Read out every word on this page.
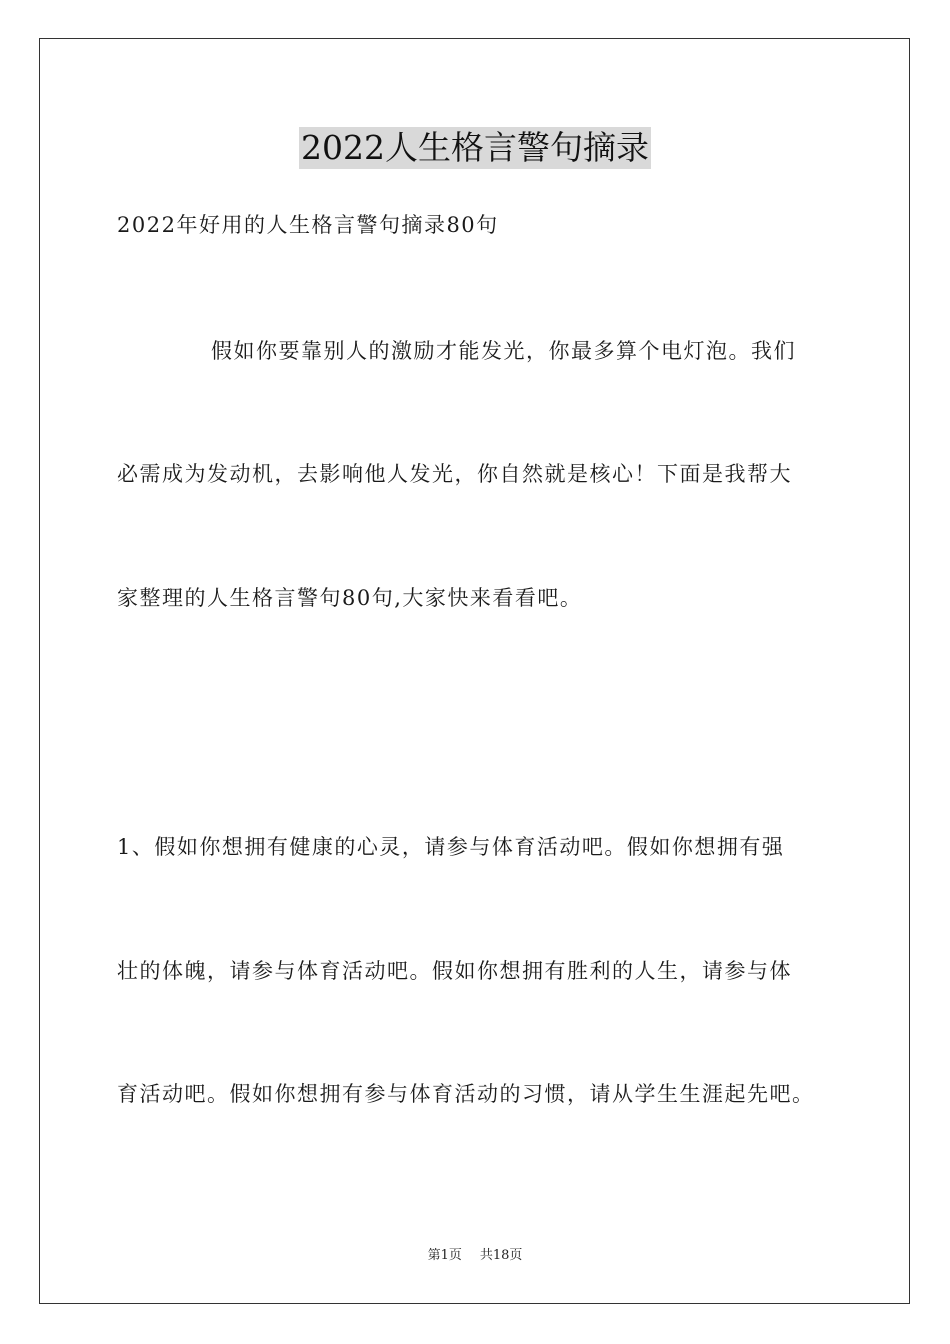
2022人生格言警句摘录
2022年好用的人生格言警句摘录80句
假如你要靠别人的激励才能发光，你最多算个电灯泡。我们
必需成为发动机，去影响他人发光，你自然就是核心！下面是我帮大
家整理的人生格言警句80句,大家快来看看吧。
1、假如你想拥有健康的心灵，请参与体育活动吧。假如你想拥有强
壮的体魄，请参与体育活动吧。假如你想拥有胜利的人生，请参与体
育活动吧。假如你想拥有参与体育活动的习惯，请从学生生涯起先吧。
第1页 共18页
